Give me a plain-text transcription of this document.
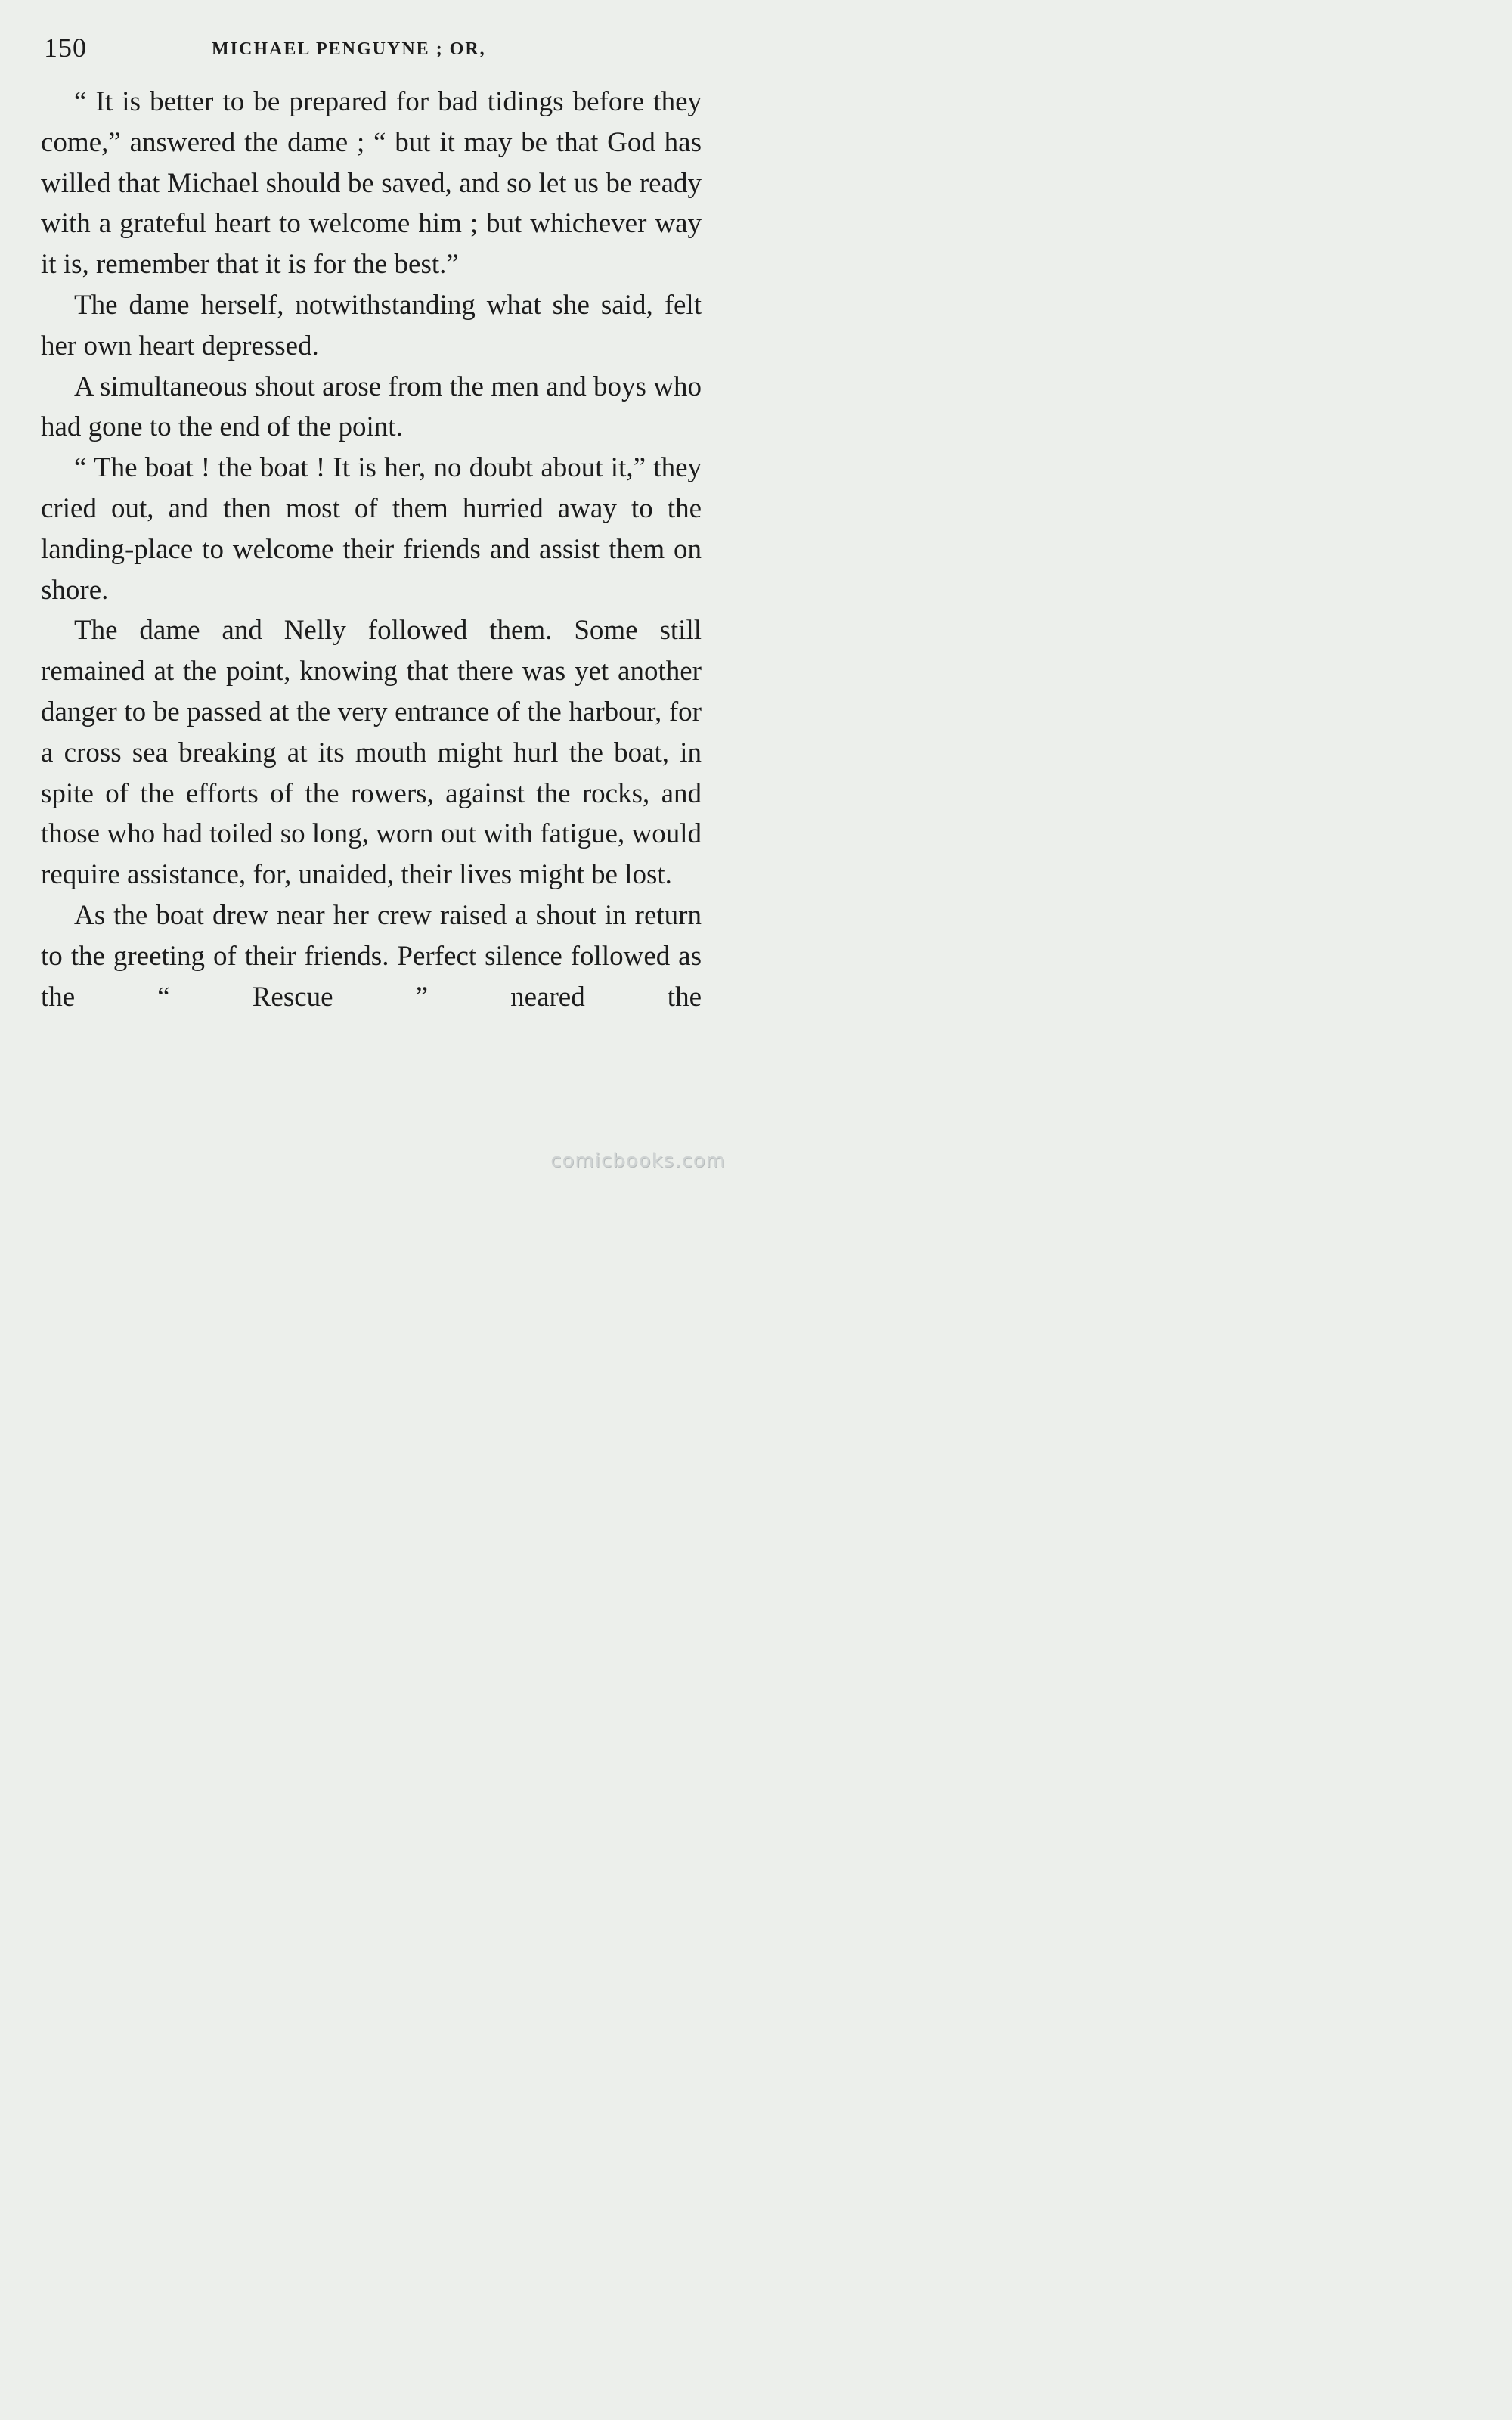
150	MICHAEL PENGUYNE ; OR,

“ It is better to be prepared for bad tidings before they come,” answered the dame ; “ but it may be that God has willed that Michael should be saved, and so let us be ready with a grateful heart to welcome him ; but whichever way it is, remember that it is for the best.”

The dame herself, notwithstanding what she said, felt her own heart depressed.

A simultaneous shout arose from the men and boys who had gone to the end of the point.

“ The boat ! the boat ! It is her, no doubt about it,” they cried out, and then most of them hurried away to the landing-place to welcome their friends and assist them on shore.

The dame and Nelly followed them. Some still remained at the point, knowing that there was yet another danger to be passed at the very entrance of the harbour, for a cross sea breaking at its mouth might hurl the boat, in spite of the efforts of the rowers, against the rocks, and those who had toiled so long, worn out with fatigue, would require assistance, for, unaided, their lives might be lost.

As the boat drew near her crew raised a shout in return to the greeting of their friends. Perfect silence followed as the “ Rescue ” neared the

comicbooks.com
